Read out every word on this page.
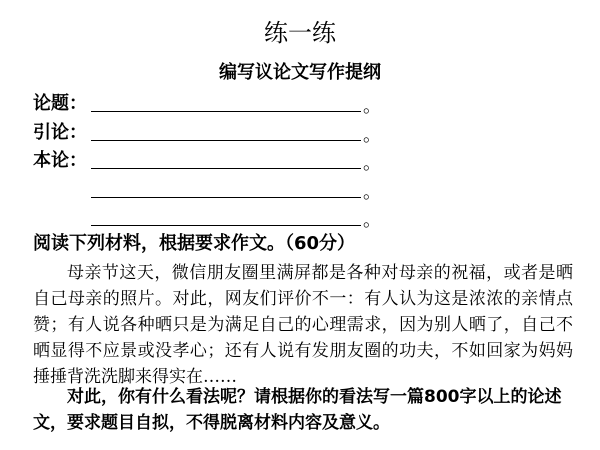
练一练
编写议论文写作提纲
论题：	。
引论：	。
本论：	。
。
。
阅读下列材料，根据要求作文。（60分）
母亲节这天，微信朋友圈里满屏都是各种对母亲的祝福，或者是晒自己母亲的照片。对此，网友们评价不一：有人认为这是浓浓的亲情点赞；有人说各种晒只是为满足自己的心理需求，因为别人晒了，自己不晒显得不应景或没孝心；还有人说有发朋友圈的功夫，不如回家为妈妈捶捶背洗洗脚来得实在……
对此，你有什么看法呢？请根据你的看法写一篇800字以上的论述文，要求题目自拟，不得脱离材料内容及意义。
